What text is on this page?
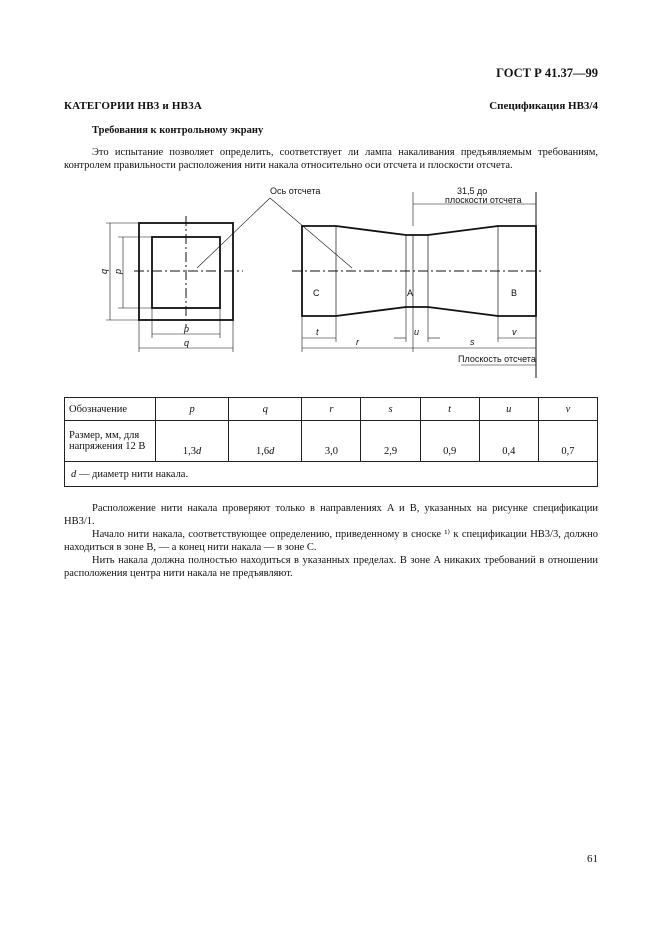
ГОСТ Р 41.37—99
КАТЕГОРИИ НВ3 и НВ3А	Спецификация НВ3/4
Требования к контрольному экрану
Это испытание позволяет определить, соответствует ли лампа накаливания предъявляемым требованиям, контролем правильности расположения нити накала относительно оси отсчета и плоскости отсчета.
Ось отсчета	31,5 до
плоскости отсчета
Плоскость отсчета
C	A	B
p
q
q p
t	u	v
r	s
Обозначение	p	q	r	s	t	u	v
Размер, мм, для напряжения 12 В	1,3d	1,6d	3,0	2,9	0,9	0,4	0,7
d — диаметр нити накала.							
Расположение нити накала проверяют только в направлениях A и B, указанных на рисунке спецификации НВ3/1.
Начало нити накала, соответствующее определению, приведенному в сноске ¹⁾ к спецификации НВ3/3, должно находиться в зоне B, — а конец нити накала — в зоне C.
Нить накала должна полностью находиться в указанных пределах. В зоне A никаких требований в отношении расположения центра нити накала не предъявляют.
61
